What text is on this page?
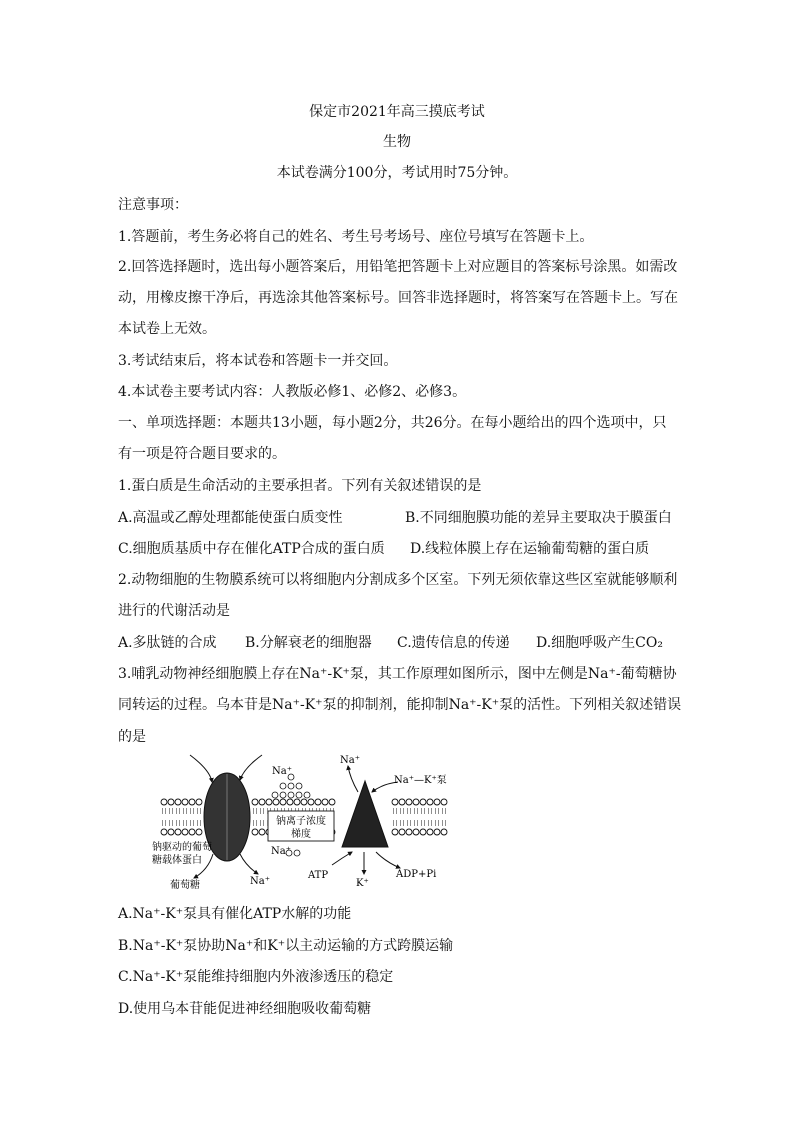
保定市2021年高三摸底考试
生物
本试卷满分100分，考试用时75分钟。
注意事项：
1.答题前，考生务必将自己的姓名、考生号考场号、座位号填写在答题卡上。
2.回答选择题时，选出每小题答案后，用铅笔把答题卡上对应题目的答案标号涂黑。如需改
动，用橡皮擦干净后，再选涂其他答案标号。回答非选择题时，将答案写在答题卡上。写在
本试卷上无效。
3.考试结束后，将本试卷和答题卡一并交回。
4.本试卷主要考试内容：人教版必修1、必修2、必修3。
一、单项选择题：本题共13小题，每小题2分，共26分。在每小题给出的四个选项中，只
有一项是符合题目要求的。
1.蛋白质是生命活动的主要承担者。下列有关叙述错误的是
A.高温或乙醇处理都能使蛋白质变性	B.不同细胞膜功能的差异主要取决于膜蛋白
C.细胞质基质中存在催化ATP合成的蛋白质 D.线粒体膜上存在运输葡萄糖的蛋白质
2.动物细胞的生物膜系统可以将细胞内分割成多个区室。下列无须依靠这些区室就能够顺利
进行的代谢活动是
A.多肽链的合成 B.分解衰老的细胞器 C.遗传信息的传递 D.细胞呼吸产生CO₂
3.哺乳动物神经细胞膜上存在Na⁺-K⁺泵，其工作原理如图所示，图中左侧是Na⁺-葡萄糖协
同转运的过程。乌本苷是Na⁺-K⁺泵的抑制剂，能抑制Na⁺-K⁺泵的活性。下列相关叙述错误
的是
钠离子浓度
梯度
Na⁺
Na⁺
Na⁺—K⁺泵
钠驱动的葡萄
糖载体蛋白
葡萄糖	Na⁺
Na⁺
ATP
K⁺
ADP+Pi
A.Na⁺-K⁺泵具有催化ATP水解的功能
B.Na⁺-K⁺泵协助Na⁺和K⁺以主动运输的方式跨膜运输
C.Na⁺-K⁺泵能维持细胞内外液渗透压的稳定
D.使用乌本苷能促进神经细胞吸收葡萄糖
